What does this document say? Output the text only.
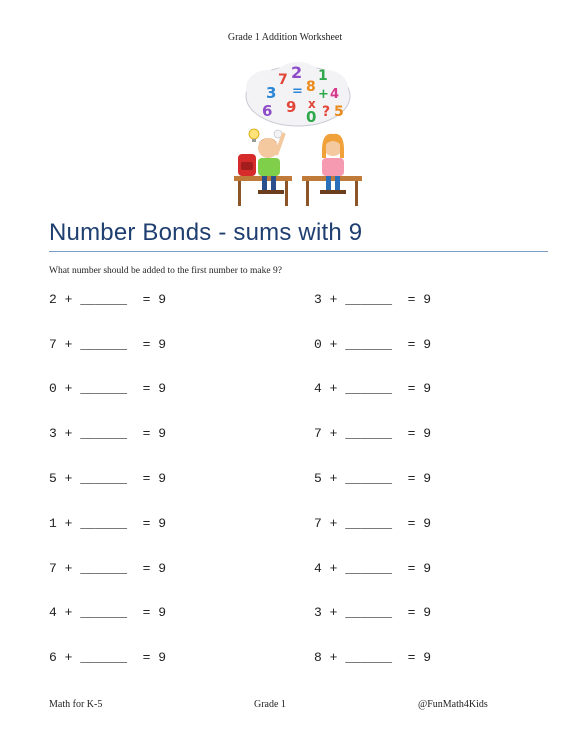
Grade 1 Addition Worksheet
3
7 2
8
1
4
+
=
6 9 x
0 ? 5
Number Bonds - sums with 9
What number should be added to the first number to make 9?
2 + ______ = 9
7 + ______ = 9
0 + ______ = 9
3 + ______ = 9
5 + ______ = 9
1 + ______ = 9
7 + ______ = 9
4 + ______ = 9
6 + ______ = 9
3 + ______ = 9
0 + ______ = 9
4 + ______ = 9
7 + ______ = 9
5 + ______ = 9
7 + ______ = 9
4 + ______ = 9
3 + ______ = 9
8 + ______ = 9
Math for K-5	Grade 1	@FunMath4Kids
